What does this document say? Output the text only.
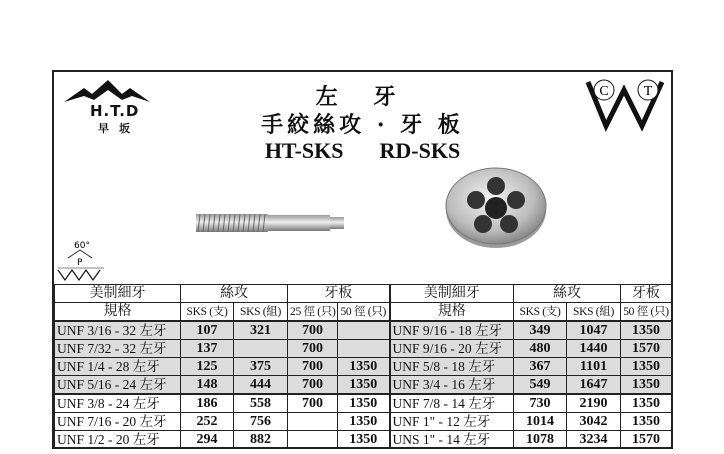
H.T.D
早坂
左 牙
手絞絲攻 · 牙 板
HT-SKS RD-SKS
C	T
60°
P
美制細牙	絲攻		牙板		美制細牙	絲攻		牙板
規格	SKS (支)	SKS (組)	25 徑 (只)	50 徑 (只)	規格	SKS (支)	SKS (組)	50 徑 (只)
UNF 3/16 - 32 左牙	107	321	700		UNF 9/16 - 18 左牙	349	1047	1350
UNF 7/32 - 32 左牙	137		700		UNF 9/16 - 20 左牙	480	1440	1570
UNF 1/4 - 28 左牙	125	375	700	1350	UNF 5/8 - 18 左牙	367	1101	1350
UNF 5/16 - 24 左牙	148	444	700	1350	UNF 3/4 - 16 左牙	549	1647	1350
UNF 3/8 - 24 左牙	186	558	700	1350	UNF 7/8 - 14 左牙	730	2190	1350
UNF 7/16 - 20 左牙	252	756		1350	UNF 1" - 12 左牙	1014	3042	1350
UNF 1/2 - 20 左牙	294	882		1350	UNS 1" - 14 左牙	1078	3234	1570
